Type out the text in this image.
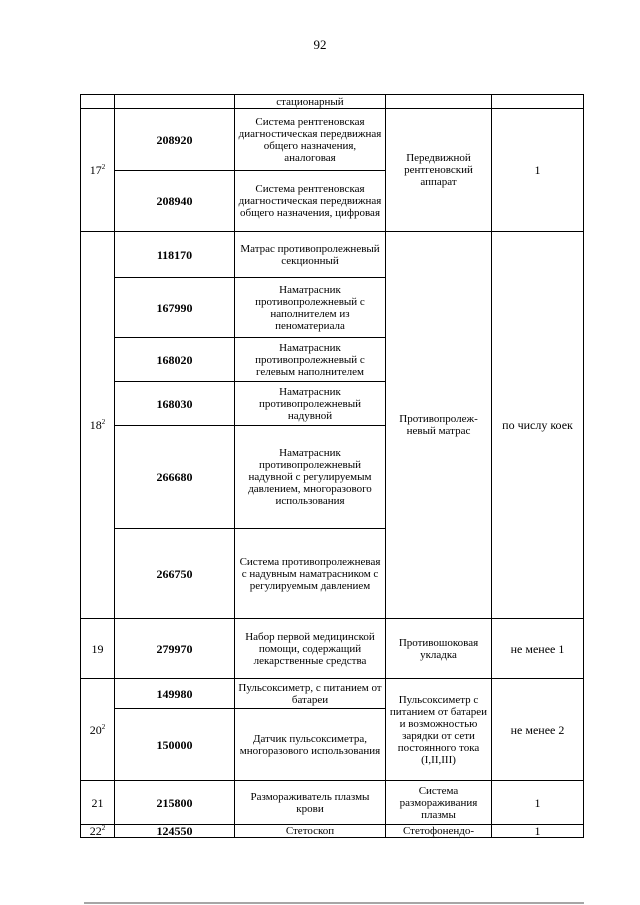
92
		стационарный		
$17^2$	208920	Система рентгеновская диагностическая передвижная общего назначения, аналоговая	Передвижной рентгеновский аппарат	1
	208940	Система рентгеновская диагностическая передвижная общего назначения, цифровая		
$18^2$	118170	Матрас противопролежневый секционный	Противопролеж-невый матрас	по числу коек
	167990	Наматрасник противопролежневый с наполнителем из пеноматериала		
	168020	Наматрасник противопролежневый с гелевым наполнителем		
	168030	Наматрасник противопролежневый надувной		
	266680	Наматрасник противопролежневый надувной с регулируемым давлением, многоразового использования		
	266750	Система противопролежневая с надувным наматрасником с регулируемым давлением		
19	279970	Набор первой медицинской помощи, содержащий лекарственные средства	Противошоковая укладка	не менее 1
$20^2$	149980	Пульсоксиметр, с питанием от батареи	Пульсоксиметр с питанием от батареи и возможностью зарядки от сети постоянного тока (I,II,III)	не менее 2
	150000	Датчик пульсоксиметра, многоразового использования		
21	215800	Размораживатель плазмы крови	Система размораживания плазмы	1
$22^2$	124550	Стетоскоп	Стетофонендо-	1
